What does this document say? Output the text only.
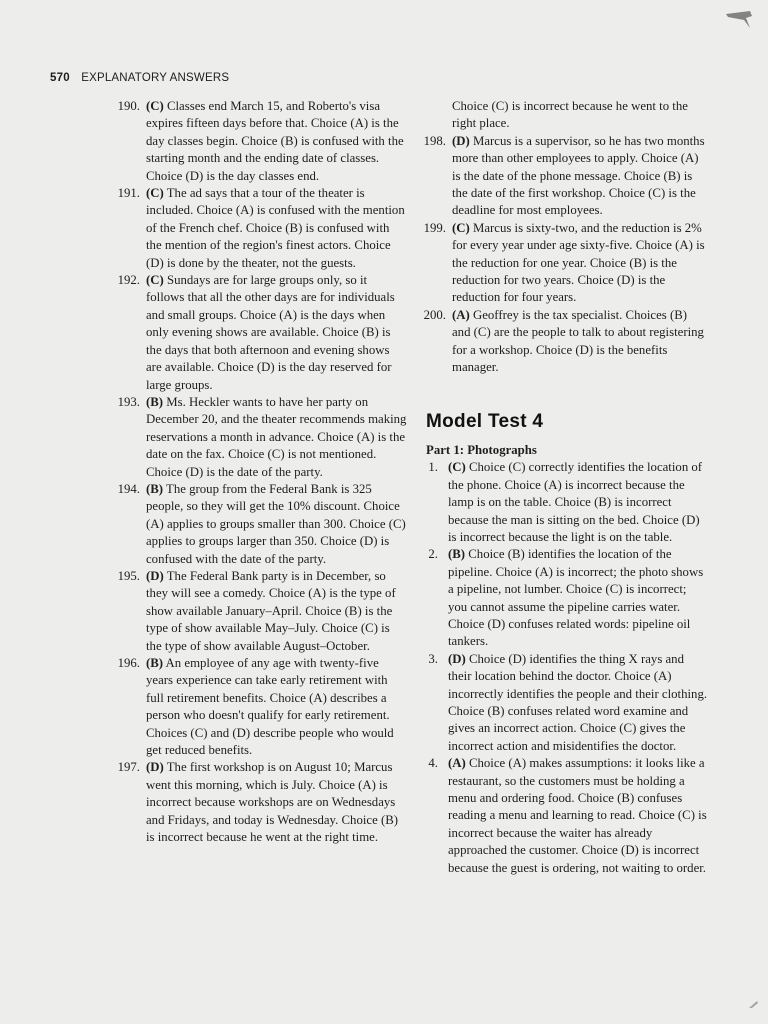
570 EXPLANATORY ANSWERS

190. (C) Classes end March 15, and Roberto's visa expires fifteen days before that. Choice (A) is the day classes begin. Choice (B) is confused with the starting month and the ending date of classes. Choice (D) is the day classes end.

191. (C) The ad says that a tour of the theater is included. Choice (A) is confused with the mention of the French chef. Choice (B) is confused with the mention of the region's finest actors. Choice (D) is done by the theater, not the guests.

192. (C) Sundays are for large groups only, so it follows that all the other days are for individuals and small groups. Choice (A) is the days when only evening shows are available. Choice (B) is the days that both afternoon and evening shows are available. Choice (D) is the day reserved for large groups.

193. (B) Ms. Heckler wants to have her party on December 20, and the theater recommends making reservations a month in advance. Choice (A) is the date on the fax. Choice (C) is not mentioned. Choice (D) is the date of the party.

194. (B) The group from the Federal Bank is 325 people, so they will get the 10% discount. Choice (A) applies to groups smaller than 300. Choice (C) applies to groups larger than 350. Choice (D) is confused with the date of the party.

195. (D) The Federal Bank party is in December, so they will see a comedy. Choice (A) is the type of show available January–April. Choice (B) is the type of show available May–July. Choice (C) is the type of show available August–October.

196. (B) An employee of any age with twenty-five years experience can take early retirement with full retirement benefits. Choice (A) describes a person who doesn't qualify for early retirement. Choices (C) and (D) describe people who would get reduced benefits.

197. (D) The first workshop is on August 10; Marcus went this morning, which is July. Choice (A) is incorrect because workshops are on Wednesdays and Fridays, and today is Wednesday. Choice (B) is incorrect because he went at the right time.

Choice (C) is incorrect because he went to the right place.

198. (D) Marcus is a supervisor, so he has two months more than other employees to apply. Choice (A) is the date of the phone message. Choice (B) is the date of the first workshop. Choice (C) is the deadline for most employees.

199. (C) Marcus is sixty-two, and the reduction is 2% for every year under age sixty-five. Choice (A) is the reduction for one year. Choice (B) is the reduction for two years. Choice (D) is the reduction for four years.

200. (A) Geoffrey is the tax specialist. Choices (B) and (C) are the people to talk to about registering for a workshop. Choice (D) is the benefits manager.

Model Test 4

Part 1: Photographs

1. (C) Choice (C) correctly identifies the location of the phone. Choice (A) is incorrect because the lamp is on the table. Choice (B) is incorrect because the man is sitting on the bed. Choice (D) is incorrect because the light is on the table.

2. (B) Choice (B) identifies the location of the pipeline. Choice (A) is incorrect; the photo shows a pipeline, not lumber. Choice (C) is incorrect; you cannot assume the pipeline carries water. Choice (D) confuses related words: pipeline oil tankers.

3. (D) Choice (D) identifies the thing X rays and their location behind the doctor. Choice (A) incorrectly identifies the people and their clothing. Choice (B) confuses related word examine and gives an incorrect action. Choice (C) gives the incorrect action and misidentifies the doctor.

4. (A) Choice (A) makes assumptions: it looks like a restaurant, so the customers must be holding a menu and ordering food. Choice (B) confuses reading a menu and learning to read. Choice (C) is incorrect because the waiter has already approached the customer. Choice (D) is incorrect because the guest is ordering, not waiting to order.
